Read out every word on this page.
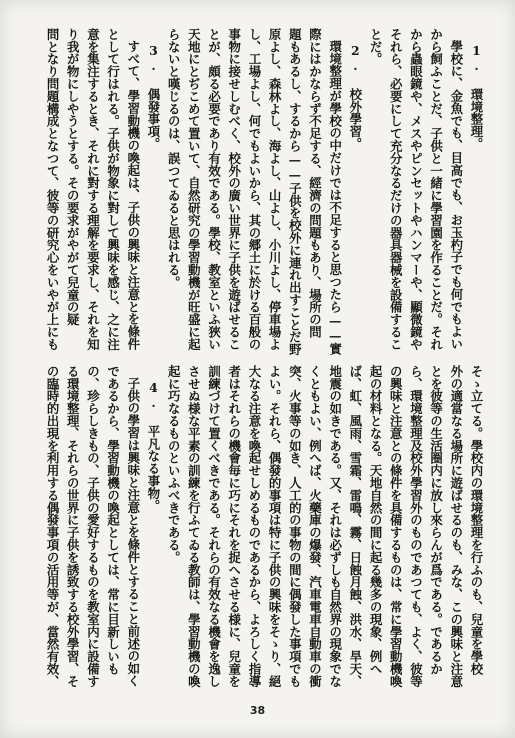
1. 環境整理。
學校に、金魚でも、目高でも、お玉杓子でも何でもよい
から飼ふことだ、子供と一緒に學習園を作ることだ。それ
から蟲眼鏡や、メスやピンセットやハンマーや、顯微鏡や
それら、必要にして充分なるだけの器具器械を設備するこ
とだ。
2. 校外學習。
環境整理が學校の中だけでは不足すると思つたら——實
際にはかならず不足する、經濟の問題もあり、場所の問
題もあるし、するから——子供を校外に連れ出すことだ野
原よし、森林よし、海よし、山よし、小川よし、停車場よ
し、工場よし、何でもよいから、其の郷土に於ける百般の
事物に接せしむべく、校外の廣い世界に子供を遊ばせるこ
とが、頗る必要であり有效である。學校、教室といふ狹い
天地にとぢこめて置いて、自然研究の學習動機が旺盛に起
らないと嘆じるのは、誤つてゐると思はれる。
3. 偶發事項。
すべて、學習動機の喚起は、子供の興味と注意とを條件
として行はれる。子供が物象に對して興味を感じ、之に注
意を集注するとき、それに對する理解を要求し、それを知
り我が物にしやうとする。その要求がやがて兒童の疑
問となり問題構成となつて、彼等の研究心をいやが上にも
そゝ立てる。學校内の環境整理を行ふのも、兒童を學校
外の適當なる場所に遊ばせるのも、みな、この興味と注意
とを彼等の生活圈内に放し來らんが爲である。であるか
ら、環境整理及校外學習外のものであつても、よく、彼等
の興味と注意との條件を具備するものは、常に學習動機喚
起の材料となる。天地自然の間に起る幾多の現象、例へ
ば、虹、風雨、雪霜、雷鳴、霧、日蝕月蝕、洪水、旱天、
地震の如きである。又、それは必ずしも自然界の現象でな
くともよい、例へば、火藥庫の爆發、汽車電車自動車の衝
突、火事等の如き、人工的の事物の間に偶發した事項でも
よい。それら、偶發的事項は特に子供の興味をそゝり、絕
大なる注意を喚起せしめるものであるから、よろしく指導
者はそれらの機會毎に巧にそれを捉へさせる様に、兒童を
訓練づけて置くべきである。それらの有效なる機會を逸し
させぬ様な平素の訓練を行ふてゐる教師は、學習動機の喚
起に巧なるものといふべきである。
4. 平凡なる事物。
子供の學習は興味と注意とを條件とすること前述の如く
であるから、學習動機の喚起としては、常に目新しいも
の、珍らしきもの、子供の愛好するものを教室内に設備す
る環境整理、それらの世界に子供を誘致する校外學習、そ
の臨時的出現を利用する偶發事項の活用等が、當然有效、
38
